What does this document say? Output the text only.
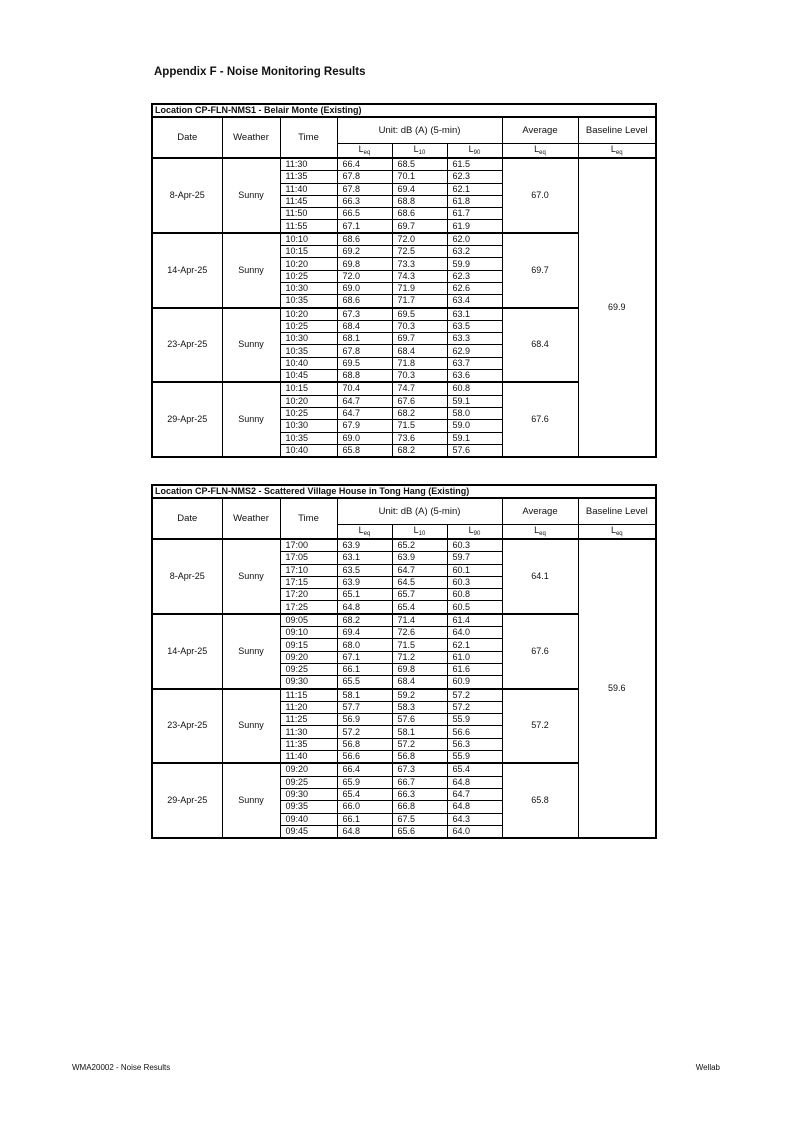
Appendix F - Noise Monitoring Results
Location CP-FLN-NMS1 - Belair Monte (Existing)							
Date	Weather	Time	Unit: dB (A) (5-min)			Average	Baseline Level
			$L_{eq}$	$L_{10}$	$L_{90}$	$L_{eq}$	$L_{eq}$
8-Apr-25	Sunny	11:30	66.4	68.5	61.5	67.0	69.9
		11:35	67.8	70.1	62.3		
		11:40	67.8	69.4	62.1		
		11:45	66.3	68.8	61.8		
		11:50	66.5	68.6	61.7		
		11:55	67.1	69.7	61.9		
14-Apr-25	Sunny	10:10	68.6	72.0	62.0	69.7	
		10:15	69.2	72.5	63.2		
		10:20	69.8	73.3	59.9		
		10:25	72.0	74.3	62.3		
		10:30	69.0	71.9	62.6		
		10:35	68.6	71.7	63.4		
23-Apr-25	Sunny	10:20	67.3	69.5	63.1	68.4	
		10:25	68.4	70.3	63.5		
		10:30	68.1	69.7	63.3		
		10:35	67.8	68.4	62.9		
		10:40	69.5	71.8	63.7		
		10:45	68.8	70.3	63.6		
29-Apr-25	Sunny	10:15	70.4	74.7	60.8	67.6	
		10:20	64.7	67.6	59.1		
		10:25	64.7	68.2	58.0		
		10:30	67.9	71.5	59.0		
		10:35	69.0	73.6	59.1		
		10:40	65.8	68.2	57.6		
Location CP-FLN-NMS2 - Scattered Village House in Tong Hang (Existing)							
Date	Weather	Time	Unit: dB (A) (5-min)			Average	Baseline Level
			$L_{eq}$	$L_{10}$	$L_{90}$	$L_{eq}$	$L_{eq}$
8-Apr-25	Sunny	17:00	63.9	65.2	60.3	64.1	59.6
		17:05	63.1	63.9	59.7		
		17:10	63.5	64.7	60.1		
		17:15	63.9	64.5	60.3		
		17:20	65.1	65.7	60.8		
		17:25	64.8	65.4	60.5		
14-Apr-25	Sunny	09:05	68.2	71.4	61.4	67.6	
		09:10	69.4	72.6	64.0		
		09:15	68.0	71.5	62.1		
		09:20	67.1	71.2	61.0		
		09:25	66.1	69.8	61.6		
		09:30	65.5	68.4	60.9		
23-Apr-25	Sunny	11:15	58.1	59.2	57.2	57.2	
		11:20	57.7	58.3	57.2		
		11:25	56.9	57.6	55.9		
		11:30	57.2	58.1	56.6		
		11:35	56.8	57.2	56.3		
		11:40	56.6	56.8	55.9		
29-Apr-25	Sunny	09:20	66.4	67.3	65.4	65.8	
		09:25	65.9	66.7	64.8		
		09:30	65.4	66.3	64.7		
		09:35	66.0	66.8	64.8		
		09:40	66.1	67.5	64.3		
		09:45	64.8	65.6	64.0		
WMA20002 - Noise Results	Wellab
